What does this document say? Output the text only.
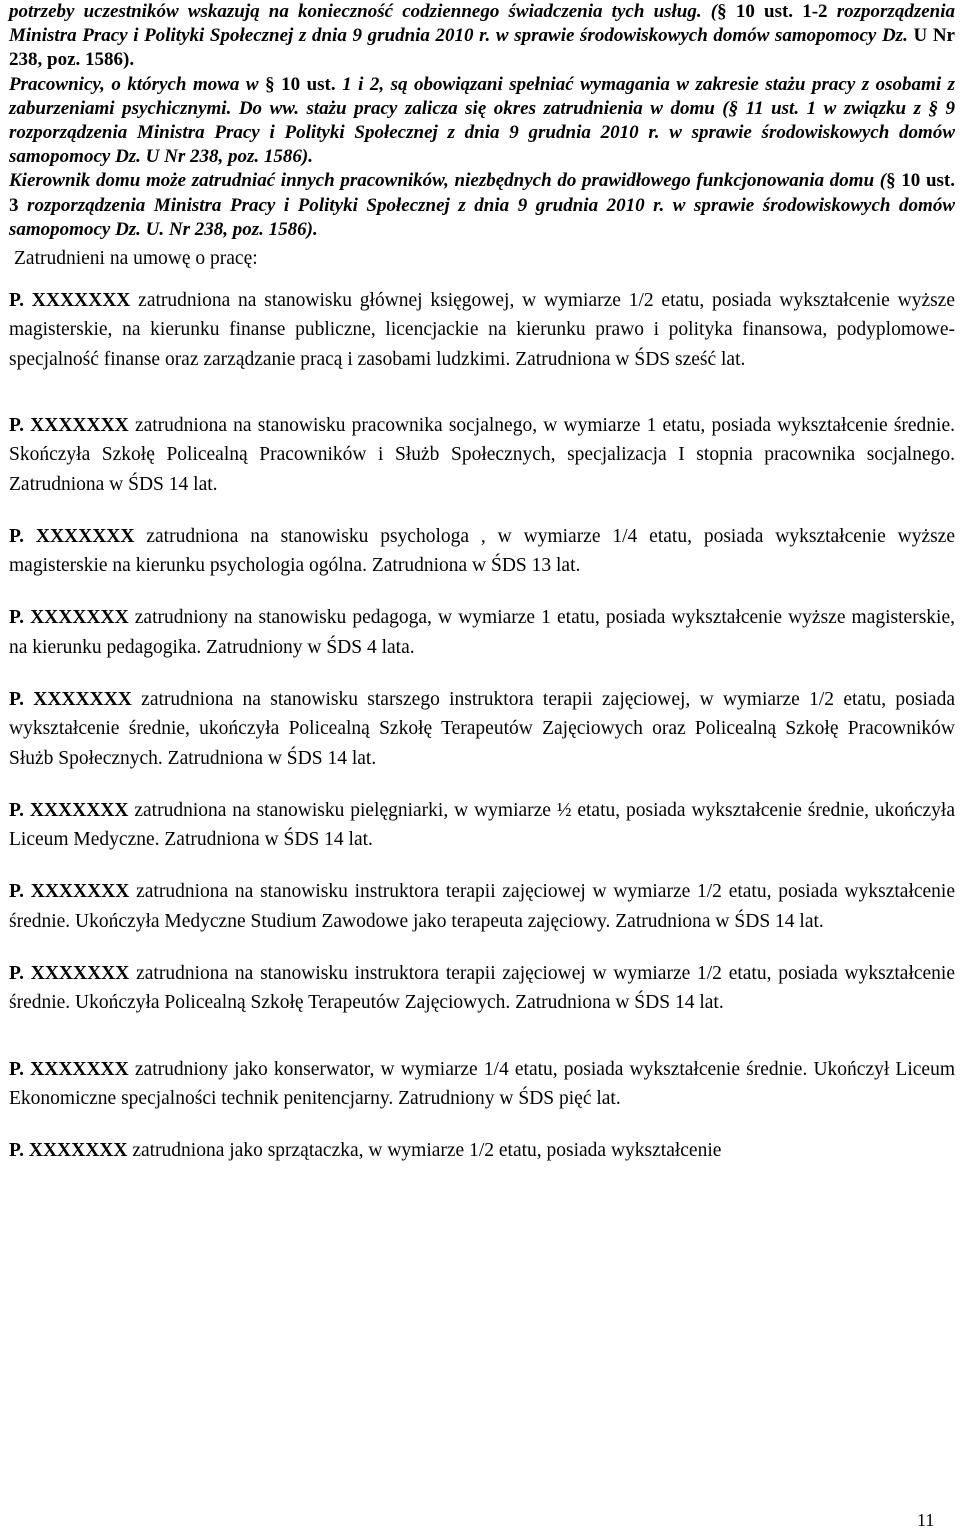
potrzeby uczestników wskazują na konieczność codziennego świadczenia tych usług. (§ 10 ust. 1-2 rozporządzenia Ministra Pracy i Polityki Społecznej z dnia 9 grudnia 2010 r. w sprawie środowiskowych domów samopomocy Dz. U Nr 238, poz. 1586).

Pracownicy, o których mowa w § 10 ust. 1 i 2, są obowiązani spełniać wymagania w zakresie stażu pracy z osobami z zaburzeniami psychicznymi. Do ww. stażu pracy zalicza się okres zatrudnienia w domu (§ 11 ust. 1 w związku z § 9 rozporządzenia Ministra Pracy i Polityki Społecznej z dnia 9 grudnia 2010 r. w sprawie środowiskowych domów samopomocy Dz. U Nr 238, poz. 1586).

Kierownik domu może zatrudniać innych pracowników, niezbędnych do prawidłowego funkcjonowania domu (§ 10 ust. 3 rozporządzenia Ministra Pracy i Polityki Społecznej z dnia 9 grudnia 2010 r. w sprawie środowiskowych domów samopomocy Dz. U. Nr 238, poz. 1586).

Zatrudnieni na umowę o pracę:

P. XXXXXXX zatrudniona na stanowisku głównej księgowej, w wymiarze 1/2 etatu, posiada wykształcenie wyższe magisterskie, na kierunku finanse publiczne, licencjackie na kierunku prawo i polityka finansowa, podyplomowe- specjalność finanse oraz zarządzanie pracą i zasobami ludzkimi. Zatrudniona w ŚDS sześć lat.

P. XXXXXXX zatrudniona na stanowisku pracownika socjalnego, w wymiarze 1 etatu, posiada wykształcenie średnie. Skończyła Szkołę Policealną Pracowników i Służb Społecznych, specjalizacja I stopnia pracownika socjalnego. Zatrudniona w ŚDS 14 lat.

P. XXXXXXX zatrudniona na stanowisku psychologa , w wymiarze 1/4 etatu, posiada wykształcenie wyższe magisterskie na kierunku psychologia ogólna. Zatrudniona w ŚDS 13 lat.

P. XXXXXXX zatrudniony na stanowisku pedagoga, w wymiarze 1 etatu, posiada wykształcenie wyższe magisterskie, na kierunku pedagogika. Zatrudniony w ŚDS 4 lata.

P. XXXXXXX zatrudniona na stanowisku starszego instruktora terapii zajęciowej, w wymiarze 1/2 etatu, posiada wykształcenie średnie, ukończyła Policealną Szkołę Terapeutów Zajęciowych oraz Policealną Szkołę Pracowników Służb Społecznych. Zatrudniona w ŚDS 14 lat.

P. XXXXXXX zatrudniona na stanowisku pielęgniarki, w wymiarze ½ etatu, posiada wykształcenie średnie, ukończyła Liceum Medyczne. Zatrudniona w ŚDS 14 lat.

P. XXXXXXX zatrudniona na stanowisku instruktora terapii zajęciowej w wymiarze 1/2 etatu, posiada wykształcenie średnie. Ukończyła Medyczne Studium Zawodowe jako terapeuta zajęciowy. Zatrudniona w ŚDS 14 lat.

P. XXXXXXX zatrudniona na stanowisku instruktora terapii zajęciowej w wymiarze 1/2 etatu, posiada wykształcenie średnie. Ukończyła Policealną Szkołę Terapeutów Zajęciowych. Zatrudniona w ŚDS 14 lat.

P. XXXXXXX zatrudniony jako konserwator, w wymiarze 1/4 etatu, posiada wykształcenie średnie. Ukończył Liceum Ekonomiczne specjalności technik penitencjarny. Zatrudniony w ŚDS pięć lat.

P. XXXXXXX zatrudniona jako sprzątaczka, w wymiarze 1/2 etatu, posiada wykształcenie

11
